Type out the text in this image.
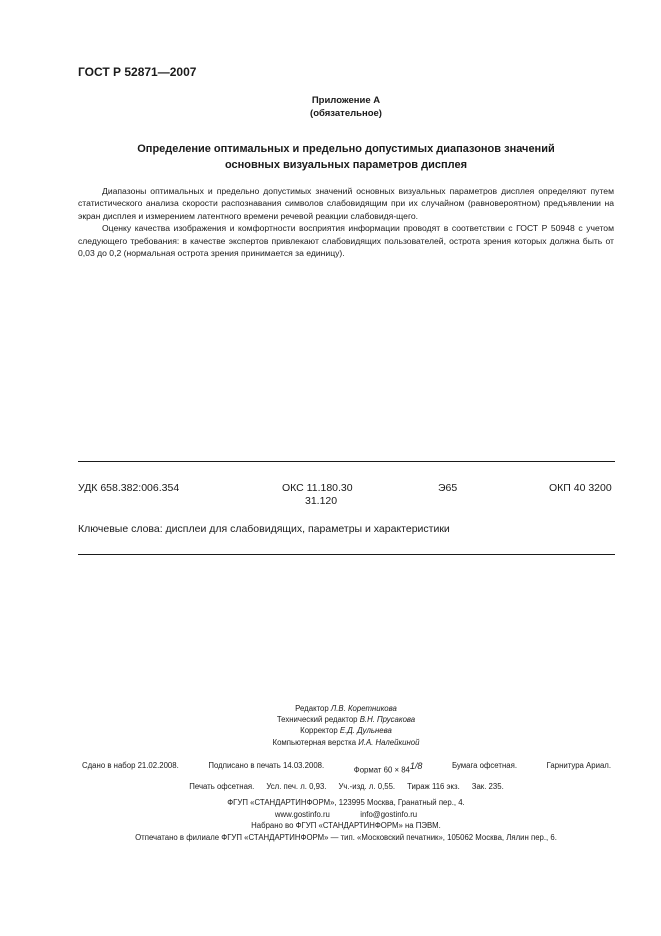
ГОСТ Р 52871—2007
Приложение А
(обязательное)
Определение оптимальных и предельно допустимых диапазонов значений
основных визуальных параметров дисплея

Диапазоны оптимальных и предельно допустимых значений основных визуальных параметров дисплея определяют путем статистического анализа скорости распознавания символов слабовидящим при их случайном (равновероятном) предъявлении на экран дисплея и измерением латентного времени речевой реакции слабовидя-щего.

Оценку качества изображения и комфортности восприятия информации проводят в соответствии с ГОСТ Р 50948 с учетом следующего требования: в качестве экспертов привлекают слабовидящих пользователей, острота зрения которых должна быть от 0,03 до 0,2 (нормальная острота зрения принимается за единицу).

УДК 658.382:006.354	ОКС 11.180.30
31.120
Э65	ОКП 40 3200
Ключевые слова: дисплеи для слабовидящих, параметры и характеристики
Редактор Л.В. Коретникова
Технический редактор В.Н. Прусакова
Корректор Е.Д. Дульнева
Компьютерная верстка И.А. Налейкиной
Сдано в набор 21.02.2008.	Подписано в печать 14.03.2008.
Формат $60 \times 84^{1/8}$	Бумага офсетная.	Гарнитура Ариал.
Печать офсетная. Усл. печ. л. 0,93. Уч.-изд. л. 0,55. Тираж 116 экз. Зак. 235.
ФГУП «СТАНДАРТИНФОРМ», 123995 Москва, Гранатный пер., 4.
www.gostinfo.ru	info@gostinfo.ru
Набрано во ФГУП «СТАНДАРТИНФОРМ» на ПЭВМ.
Отпечатано в филиале ФГУП «СТАНДАРТИНФОРМ» — тип. «Московский печатник», 105062 Москва, Лялин пер., 6.
